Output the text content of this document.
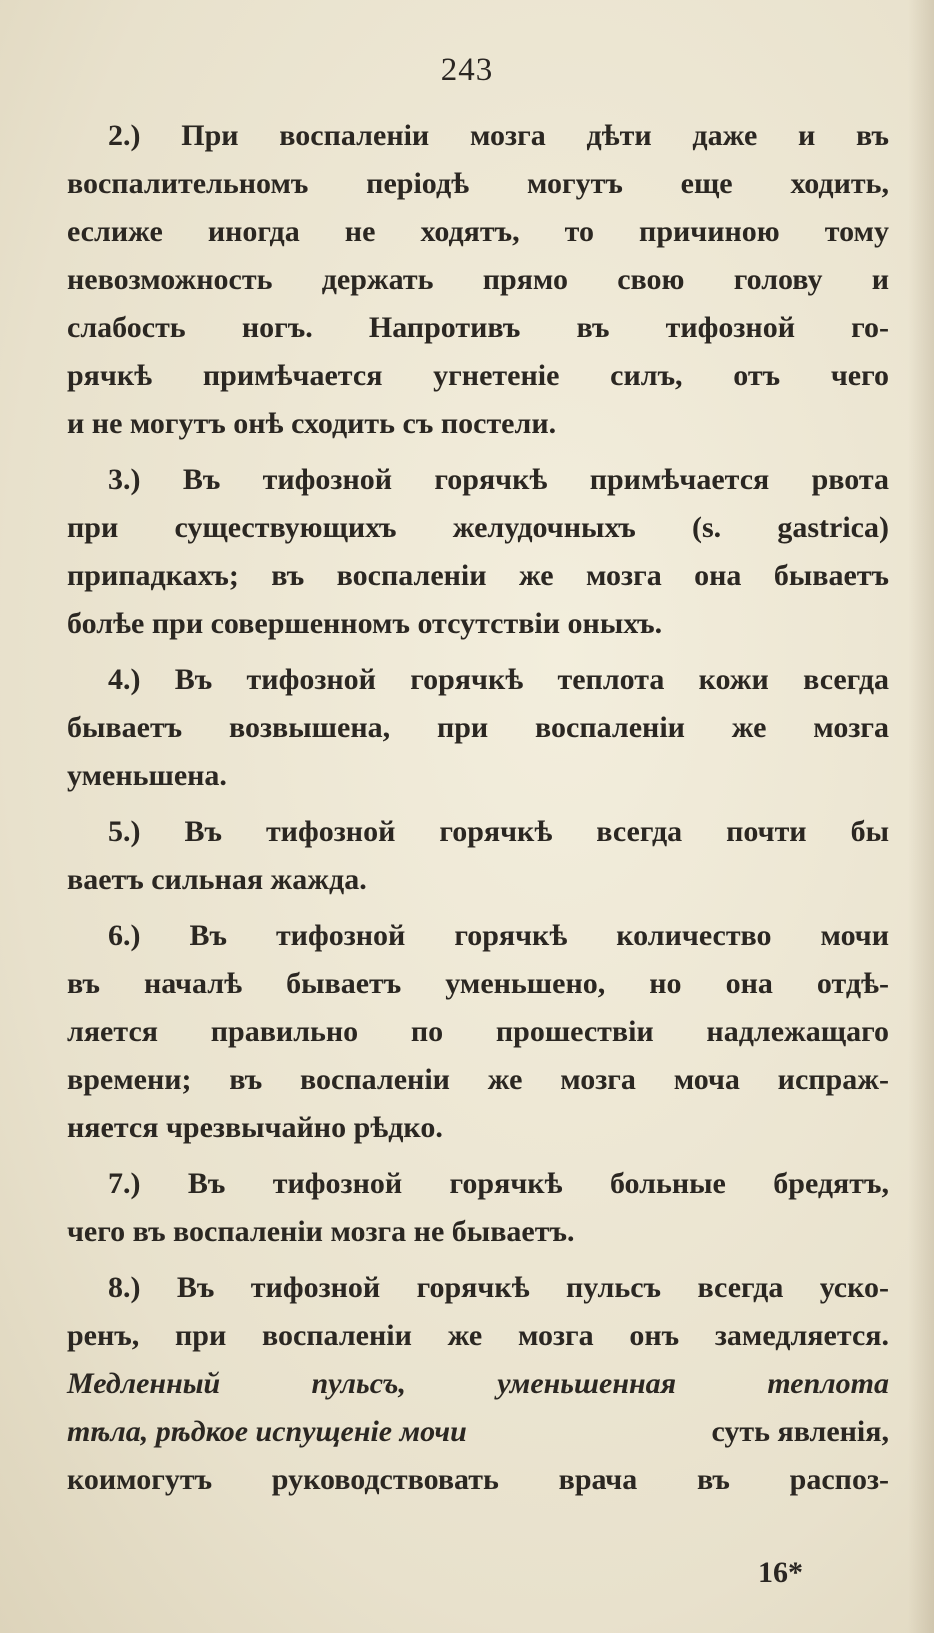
243
2.) При воспаленiи мозга дѣти даже и въ
воспалительномъ перiодѣ могутъ еще ходить,
еслиже иногда не ходятъ, то причиною тому
невозможность держать прямо свою голову и
слабость ногъ. Напротивъ въ тифозной го-
рячкѣ примѣчается угнетенiе силъ, отъ чего
и не могутъ онѣ сходить съ постели.
3.) Въ тифозной горячкѣ примѣчается рвота
при существующихъ желудочныхъ (s. gastrica)
припадкахъ; въ воспаленiи же мозга она бываетъ
болѣе при совершенномъ отсутствiи оныхъ.
4.) Въ тифозной горячкѣ теплота кожи всегда
бываетъ возвышена, при воспаленiи же мозга
уменьшена.
5.) Въ тифозной горячкѣ всегда почти бы
ваетъ сильная жажда.
6.) Въ тифозной горячкѣ количество мочи
въ началѣ бываетъ уменьшено, но она отдѣ-
ляется правильно по прошествiи надлежащаго
времени; въ воспаленiи же мозга моча испраж-
няется чрезвычайно рѣдко.
7.) Въ тифозной горячкѣ больные бредятъ,
чего въ воспаленiи мозга не бываетъ.
8.) Въ тифозной горячкѣ пульсъ всегда уско-
ренъ, при воспаленiи же мозга онъ замедляется.
Медленный пульсъ, уменьшенная теплота
тѣла, рѣдкое испущенiе мочи	суть явленiя,
коимогутъ руководствовать врача въ распоз-
16*
